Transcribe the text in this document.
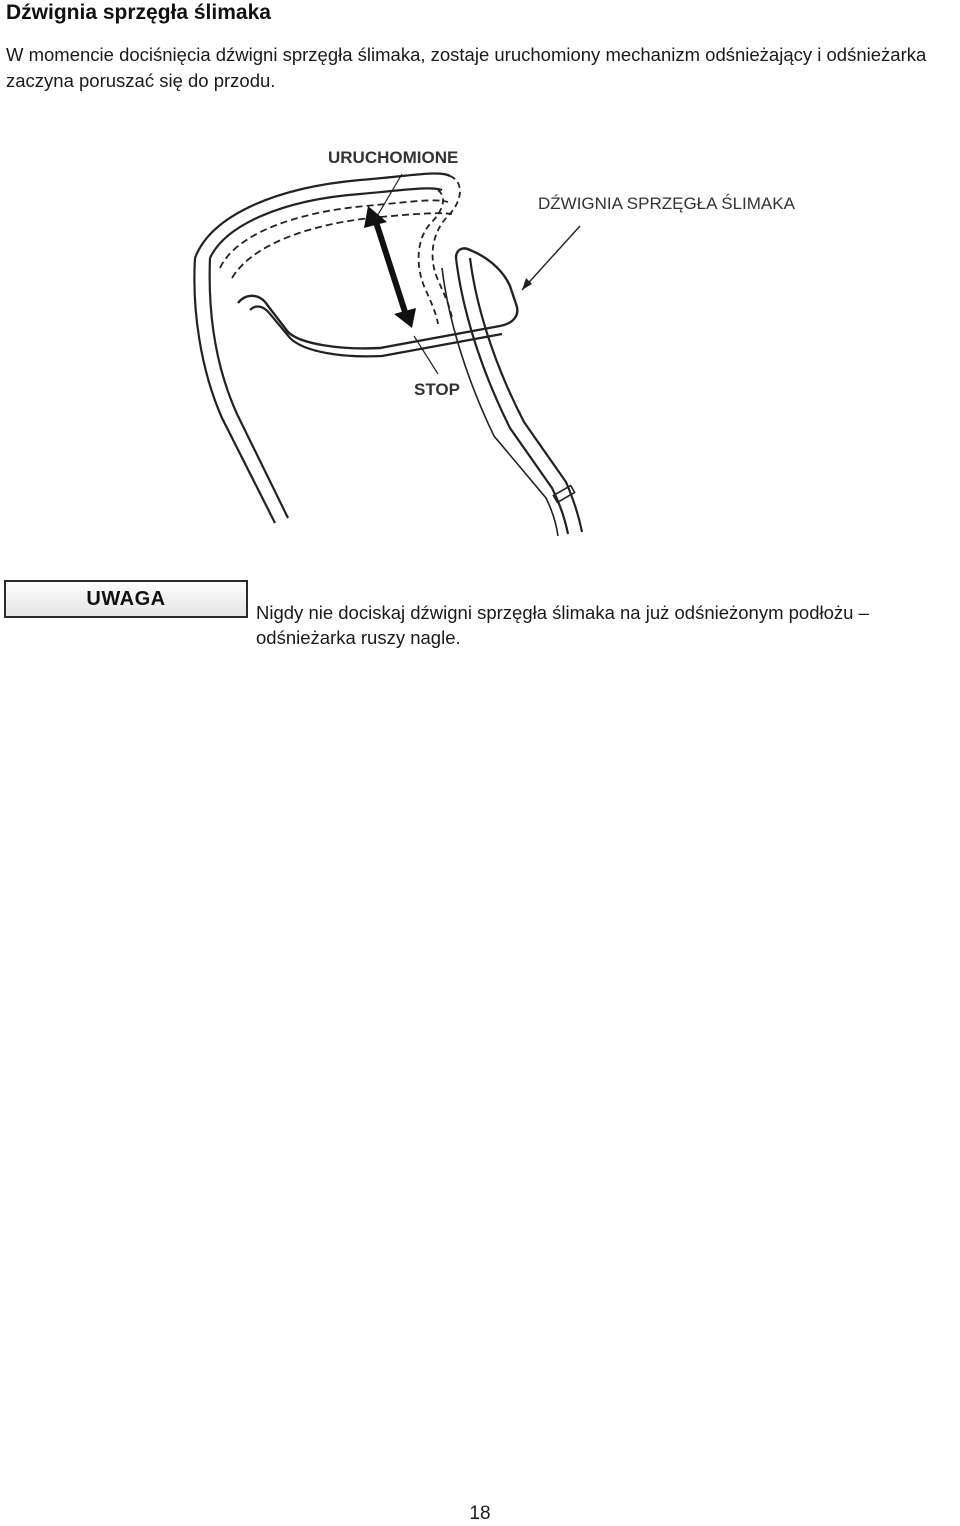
Dźwignia sprzęgła ślimaka

W momencie dociśnięcia dźwigni sprzęgła ślimaka, zostaje uruchomiony mechanizm odśnieżający i odśnieżarka zaczyna poruszać się do przodu.

URUCHOMIONE
DŹWIGNIA SPRZĘGŁA ŚLIMAKA
STOP
UWAGA
Nigdy nie dociskaj dźwigni sprzęgła ślimaka na już odśnieżonym podłożu – odśnieżarka ruszy nagle.
18
